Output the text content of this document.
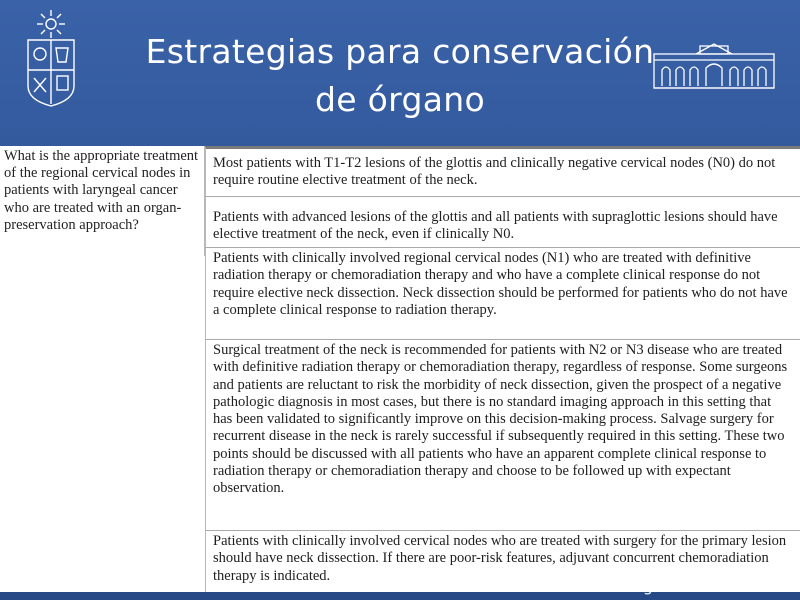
Estrategias para conservación
de órgano
What is the appropriate treatment of the regional cervical nodes in patients with laryngeal cancer who are treated with an organ-preservation approach?
Most patients with T1-T2 lesions of the glottis and clinically negative cervical nodes (N0) do not require routine elective treatment of the neck.
Patients with advanced lesions of the glottis and all patients with supraglottic lesions should have elective treatment of the neck, even if clinically N0.
Patients with clinically involved regional cervical nodes (N1) who are treated with definitive radiation therapy or chemoradiation therapy and who have a complete clinical response do not require elective neck dissection. Neck dissection should be performed for patients who do not have a complete clinical response to radiation therapy.
Surgical treatment of the neck is recommended for patients with N2 or N3 disease who are treated with definitive radiation therapy or chemoradiation therapy, regardless of response. Some surgeons and patients are reluctant to risk the morbidity of neck dissection, given the prospect of a negative pathologic diagnosis in most cases, but there is no standard imaging approach in this setting that has been validated to significantly improve on this decision-making process. Salvage surgery for recurrent disease in the neck is rarely successful if subsequently required in this setting. These two points should be discussed with all patients who have an apparent complete clinical response to radiation therapy or chemoradiation therapy and choose to be followed up with expectant observation.
Patients with clinically involved cervical nodes who are treated with surgery for the primary lesion should have neck dissection. If there are poor-risk features, adjuvant concurrent chemoradiation therapy is indicated.
